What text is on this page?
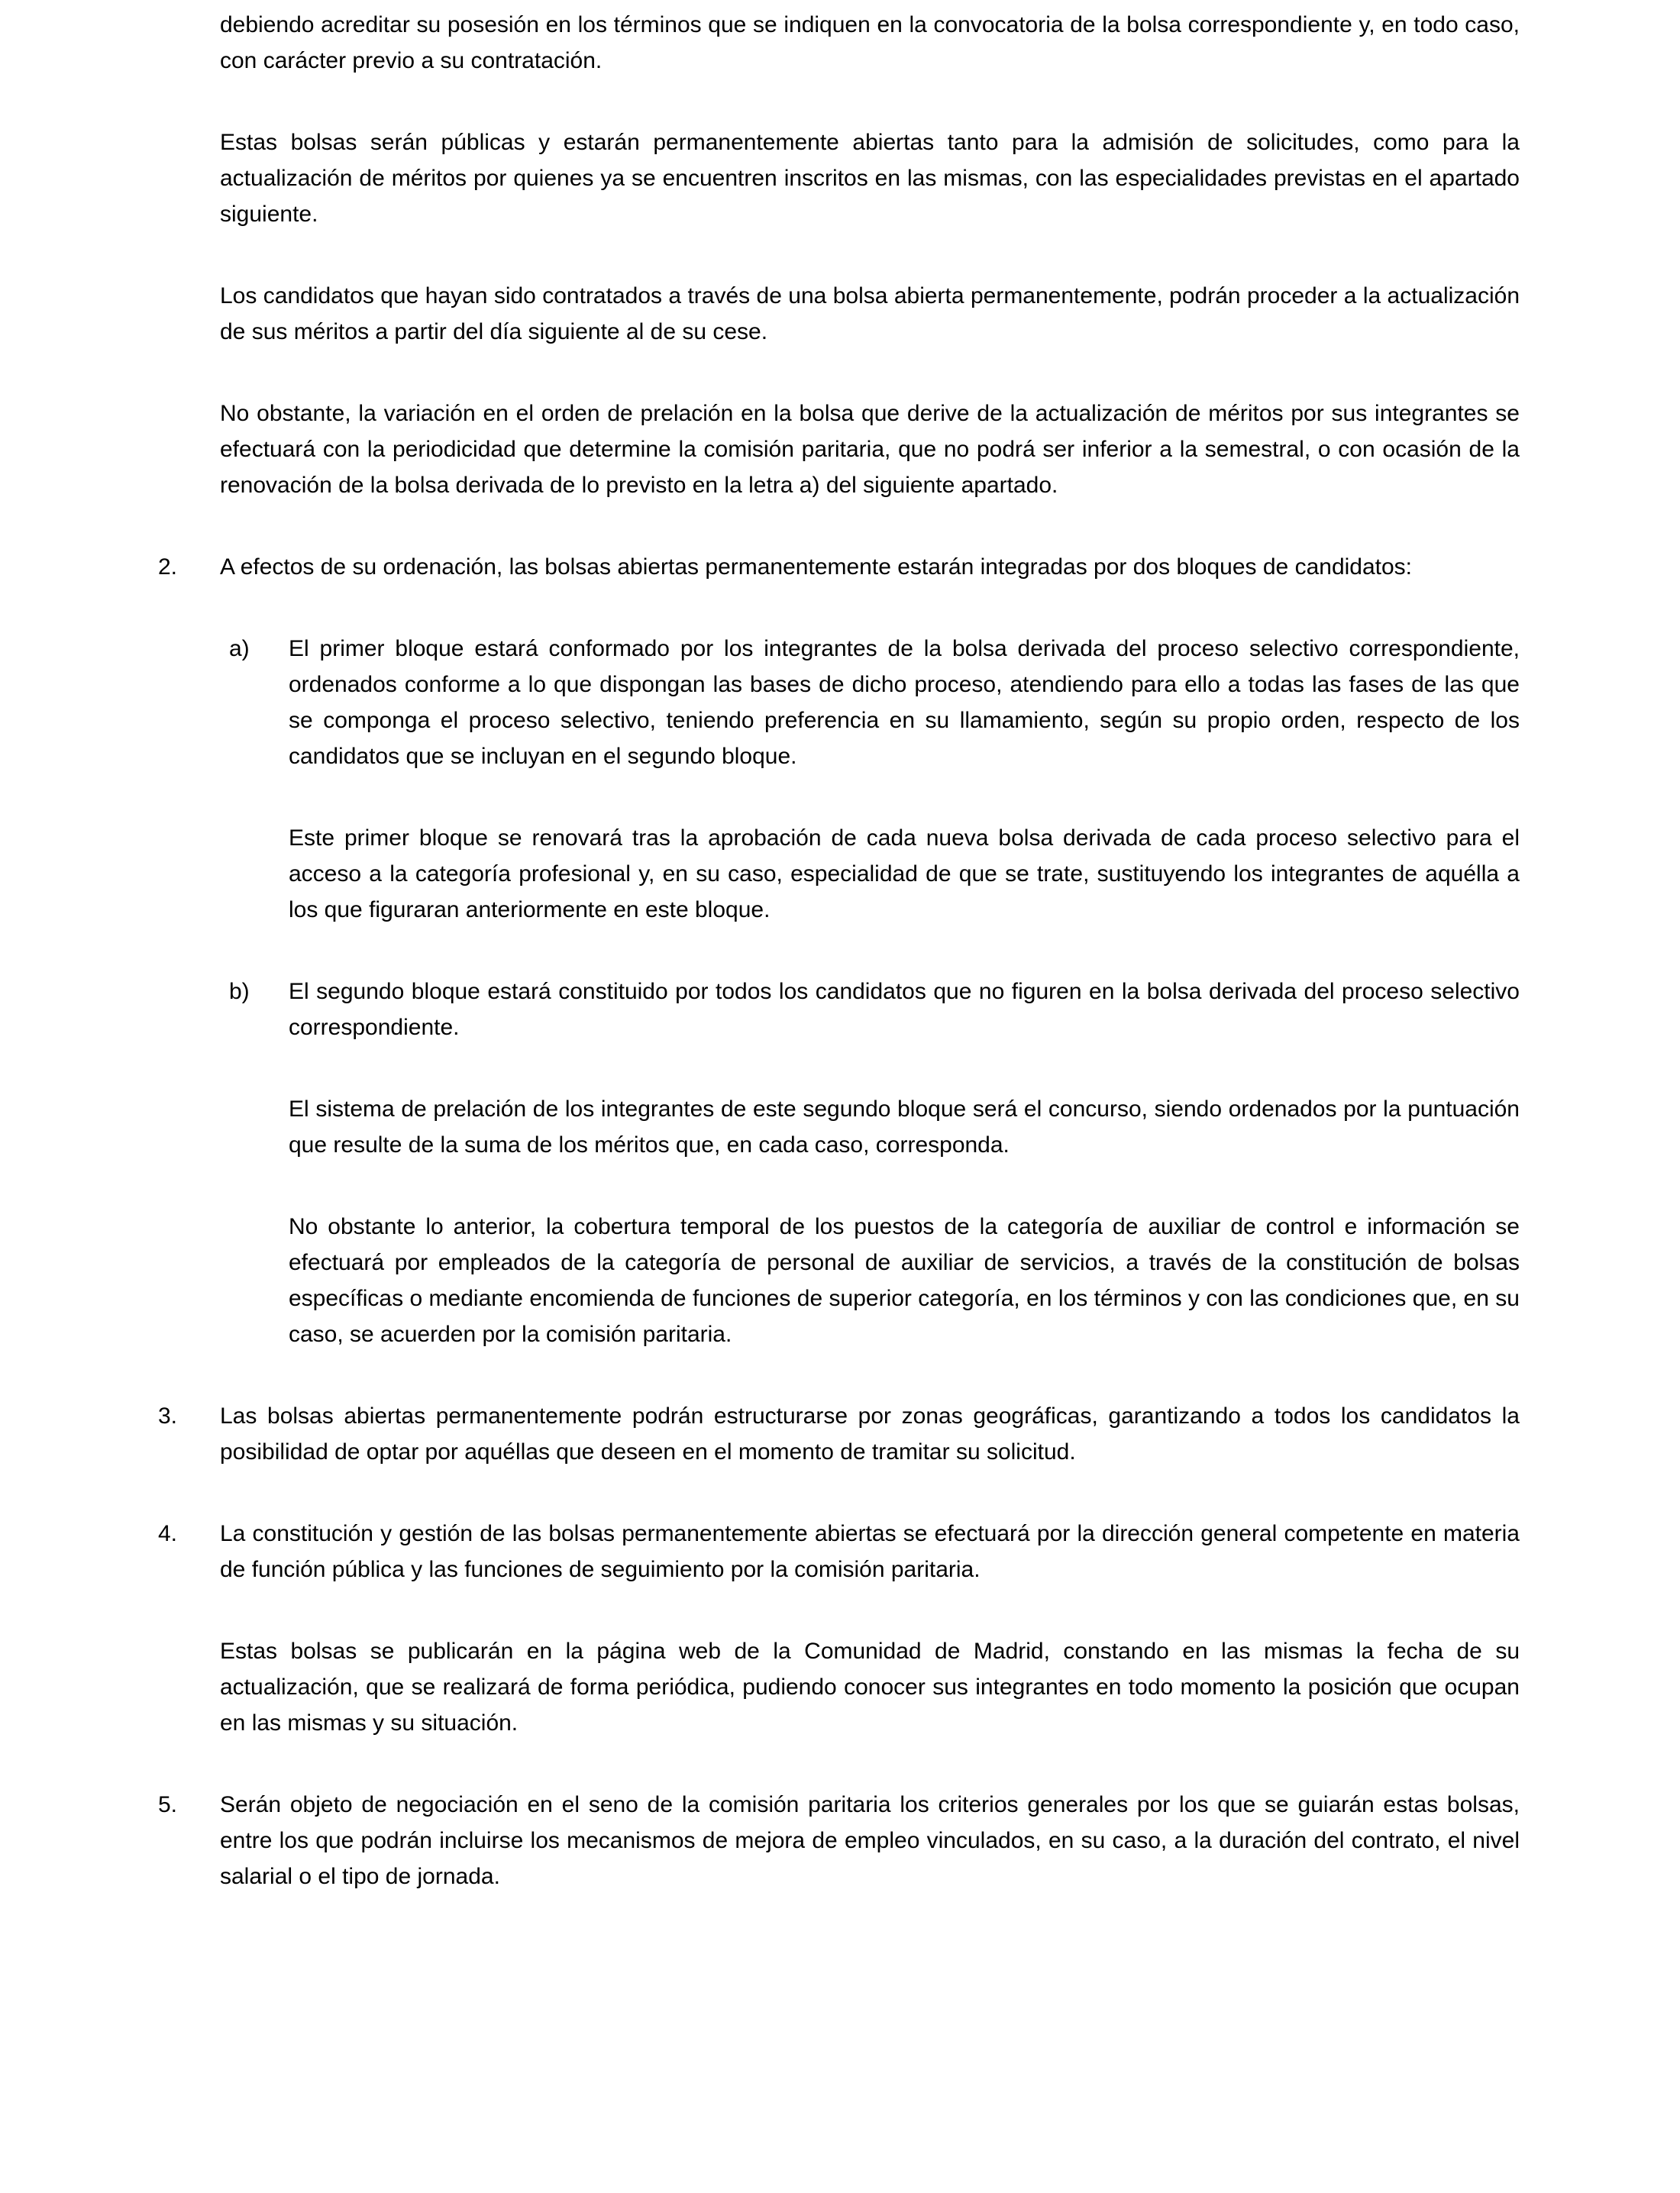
debiendo acreditar su posesión en los términos que se indiquen en la convocatoria de la bolsa correspondiente y, en todo caso, con carácter previo a su contratación.

Estas bolsas serán públicas y estarán permanentemente abiertas tanto para la admisión de solicitudes, como para la actualización de méritos por quienes ya se encuentren inscritos en las mismas, con las especialidades previstas en el apartado siguiente.

Los candidatos que hayan sido contratados a través de una bolsa abierta permanentemente, podrán proceder a la actualización de sus méritos a partir del día siguiente al de su cese.

No obstante, la variación en el orden de prelación en la bolsa que derive de la actualización de méritos por sus integrantes se efectuará con la periodicidad que determine la comisión paritaria, que no podrá ser inferior a la semestral, o con ocasión de la renovación de la bolsa derivada de lo previsto en la letra a) del siguiente apartado.

2. A efectos de su ordenación, las bolsas abiertas permanentemente estarán integradas por dos bloques de candidatos:

a) El primer bloque estará conformado por los integrantes de la bolsa derivada del proceso selectivo correspondiente, ordenados conforme a lo que dispongan las bases de dicho proceso, atendiendo para ello a todas las fases de las que se componga el proceso selectivo, teniendo preferencia en su llamamiento, según su propio orden, respecto de los candidatos que se incluyan en el segundo bloque.

Este primer bloque se renovará tras la aprobación de cada nueva bolsa derivada de cada proceso selectivo para el acceso a la categoría profesional y, en su caso, especialidad de que se trate, sustituyendo los integrantes de aquélla a los que figuraran anteriormente en este bloque.

b) El segundo bloque estará constituido por todos los candidatos que no figuren en la bolsa derivada del proceso selectivo correspondiente.

El sistema de prelación de los integrantes de este segundo bloque será el concurso, siendo ordenados por la puntuación que resulte de la suma de los méritos que, en cada caso, corresponda.

No obstante lo anterior, la cobertura temporal de los puestos de la categoría de auxiliar de control e información se efectuará por empleados de la categoría de personal de auxiliar de servicios, a través de la constitución de bolsas específicas o mediante encomienda de funciones de superior categoría, en los términos y con las condiciones que, en su caso, se acuerden por la comisión paritaria.

3. Las bolsas abiertas permanentemente podrán estructurarse por zonas geográficas, garantizando a todos los candidatos la posibilidad de optar por aquéllas que deseen en el momento de tramitar su solicitud.

4. La constitución y gestión de las bolsas permanentemente abiertas se efectuará por la dirección general competente en materia de función pública y las funciones de seguimiento por la comisión paritaria.

Estas bolsas se publicarán en la página web de la Comunidad de Madrid, constando en las mismas la fecha de su actualización, que se realizará de forma periódica, pudiendo conocer sus integrantes en todo momento la posición que ocupan en las mismas y su situación.

5. Serán objeto de negociación en el seno de la comisión paritaria los criterios generales por los que se guiarán estas bolsas, entre los que podrán incluirse los mecanismos de mejora de empleo vinculados, en su caso, a la duración del contrato, el nivel salarial o el tipo de jornada.
